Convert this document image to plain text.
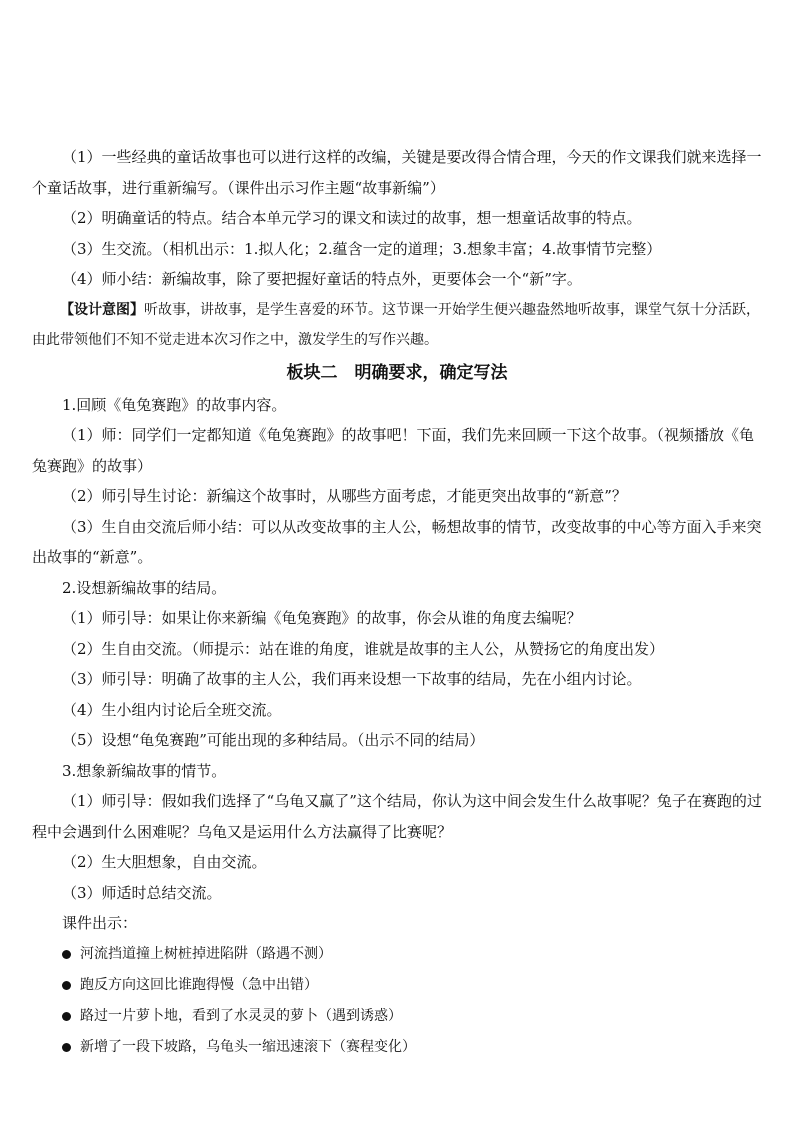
（1）一些经典的童话故事也可以进行这样的改编，关键是要改得合情合理，今天的作文课我们就来选择一个童话故事，进行重新编写。（课件出示习作主题“故事新编”）

（2）明确童话的特点。结合本单元学习的课文和读过的故事，想一想童话故事的特点。

（3）生交流。（相机出示：1.拟人化；2.蕴含一定的道理；3.想象丰富；4.故事情节完整）

（4）师小结：新编故事，除了要把握好童话的特点外，更要体会一个“新”字。

【设计意图】听故事，讲故事，是学生喜爱的环节。这节课一开始学生便兴趣盎然地听故事，课堂气氛十分活跃，由此带领他们不知不觉走进本次习作之中，激发学生的写作兴趣。

板块二　明确要求，确定写法

1.回顾《龟兔赛跑》的故事内容。

（1）师：同学们一定都知道《龟兔赛跑》的故事吧！下面，我们先来回顾一下这个故事。（视频播放《龟兔赛跑》的故事）

（2）师引导生讨论：新编这个故事时，从哪些方面考虑，才能更突出故事的“新意”？

（3）生自由交流后师小结：可以从改变故事的主人公，畅想故事的情节，改变故事的中心等方面入手来突出故事的“新意”。

2.设想新编故事的结局。

（1）师引导：如果让你来新编《龟兔赛跑》的故事，你会从谁的角度去编呢？

（2）生自由交流。（师提示：站在谁的角度，谁就是故事的主人公，从赞扬它的角度出发）

（3）师引导：明确了故事的主人公，我们再来设想一下故事的结局，先在小组内讨论。

（4）生小组内讨论后全班交流。

（5）设想“龟兔赛跑”可能出现的多种结局。（出示不同的结局）

3.想象新编故事的情节。

（1）师引导：假如我们选择了“乌龟又赢了”这个结局，你认为这中间会发生什么故事呢？兔子在赛跑的过程中会遇到什么困难呢？乌龟又是运用什么方法赢得了比赛呢？

（2）生大胆想象，自由交流。

（3）师适时总结交流。

课件出示：

河流挡道撞上树桩掉进陷阱（路遇不测）
跑反方向这回比谁跑得慢（急中出错）
路过一片萝卜地，看到了水灵灵的萝卜（遇到诱惑）
新增了一段下坡路，乌龟头一缩迅速滚下（赛程变化）
